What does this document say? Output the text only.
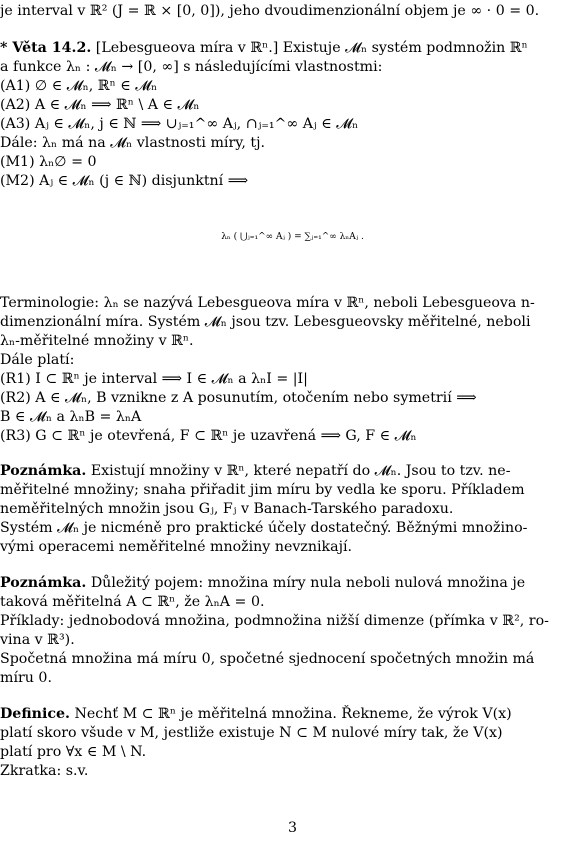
je interval v ℝ² (J = ℝ × [0, 0]), jeho dvoudimenzionální objem je ∞ · 0 = 0.
* Věta 14.2. [Lebesgueova míra v ℝⁿ.] Existuje 𝓜ₙ systém podmnožin ℝⁿ
a funkce λₙ : 𝓜ₙ → [0, ∞] s následujícími vlastnostmi:
(A1) ∅ ∈ 𝓜ₙ, ℝⁿ ∈ 𝓜ₙ
(A2) A ∈ 𝓜ₙ ⟹ ℝⁿ \ A ∈ 𝓜ₙ
(A3) Aⱼ ∈ 𝓜ₙ, j ∈ ℕ ⟹ ∪ⱼ₌₁^∞ Aⱼ, ∩ⱼ₌₁^∞ Aⱼ ∈ 𝓜ₙ
Dále: λₙ má na 𝓜ₙ vlastnosti míry, tj.
(M1) λₙ∅ = 0
(M2) Aⱼ ∈ 𝓜ₙ (j ∈ ℕ) disjunktní ⟹
λₙ ( ⋃ⱼ₌₁^∞ Aⱼ ) = ∑ⱼ₌₁^∞ λₙAⱼ .
Terminologie: λₙ se nazývá Lebesgueova míra v ℝⁿ, neboli Lebesgueova n-
dimenzionální míra. Systém 𝓜ₙ jsou tzv. Lebesgueovsky měřitelné, neboli
λₙ-měřitelné množiny v ℝⁿ.
Dále platí:
(R1) I ⊂ ℝⁿ je interval ⟹ I ∈ 𝓜ₙ a λₙI = |I|
(R2) A ∈ 𝓜ₙ, B vznikne z A posunutím, otočením nebo symetrií ⟹
B ∈ 𝓜ₙ a λₙB = λₙA
(R3) G ⊂ ℝⁿ je otevřená, F ⊂ ℝⁿ je uzavřená ⟹ G, F ∈ 𝓜ₙ
Poznámka. Existují množiny v ℝⁿ, které nepatří do 𝓜ₙ. Jsou to tzv. ne-
měřitelné množiny; snaha přiřadit jim míru by vedla ke sporu. Příkladem
neměřitelných množin jsou Gⱼ, Fⱼ v Banach-Tarského paradoxu.
Systém 𝓜ₙ je nicméně pro praktické účely dostatečný. Běžnými množino-
vými operacemi neměřitelné množiny nevznikají.
Poznámka. Důležitý pojem: množina míry nula neboli nulová množina je
taková měřitelná A ⊂ ℝⁿ, že λₙA = 0.
Příklady: jednobodová množina, podmnožina nižší dimenze (přímka v ℝ², ro-
vina v ℝ³).
Spočetná množina má míru 0, spočetné sjednocení spočetných množin má
míru 0.
Definice. Nechť M ⊂ ℝⁿ je měřitelná množina. Řekneme, že výrok V(x)
platí skoro všude v M, jestliže existuje N ⊂ M nulové míry tak, že V(x)
platí pro ∀x ∈ M \ N.
Zkratka: s.v.
3
